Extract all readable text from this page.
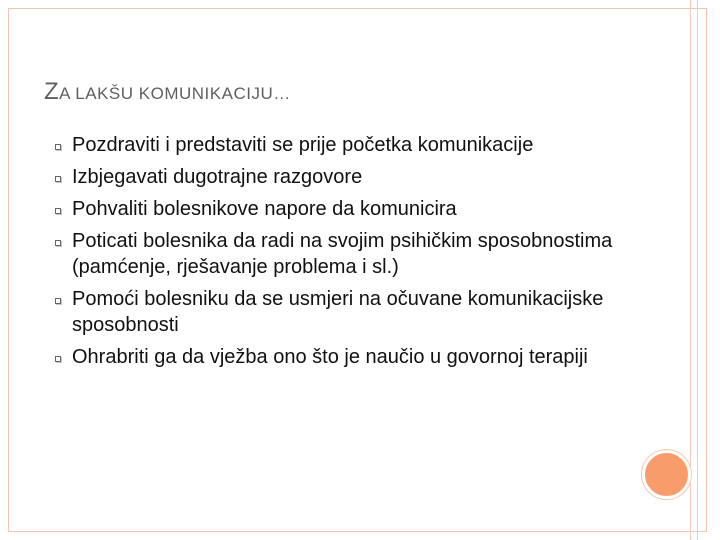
ZA LAKŠU KOMUNIKACIJU…
Pozdraviti i predstaviti se prije početka komunikacije
Izbjegavati dugotrajne razgovore
Pohvaliti bolesnikove napore da komunicira
Poticati bolesnika da radi na svojim psihičkim sposobnostima (pamćenje, rješavanje problema i sl.)
Pomoći bolesniku da se usmjeri na očuvane komunikacijske sposobnosti
Ohrabriti ga da vježba ono što je naučio u govornoj terapiji
